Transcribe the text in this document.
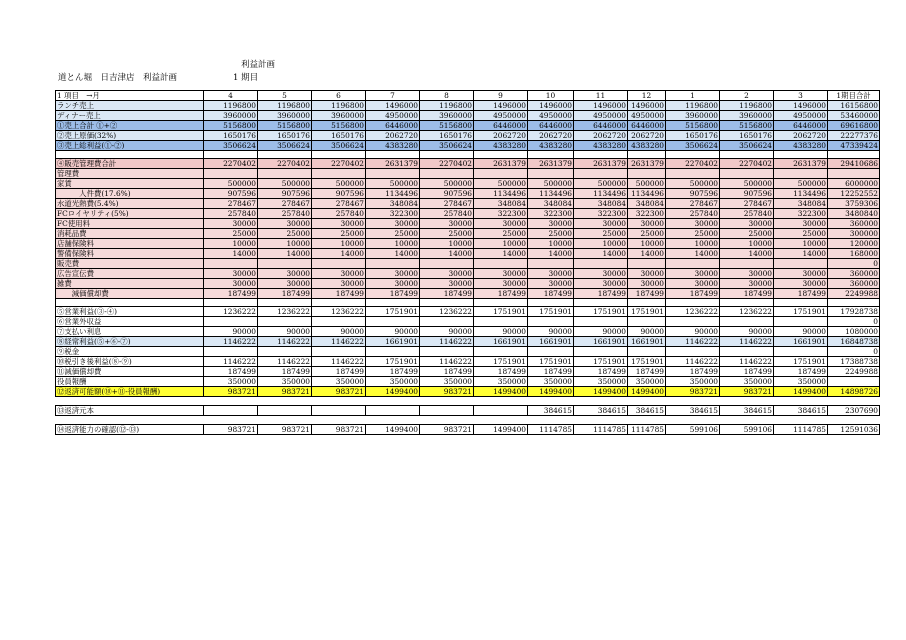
利益計画
道とん堀　日吉津店　利益計画	1 期目
1 項目　→月	4	5	6	7	8	9	10	11	12	1	2	3	1期目合計
ランチ売上	1196800	1196800	1196800	1496000	1196800	1496000	1496000	1496000	1496000	1196800	1196800	1496000	16156800
ディナー売上	3960000	3960000	3960000	4950000	3960000	4950000	4950000	4950000	4950000	3960000	3960000	4950000	53460000
①売上合計 ①+②	5156800	5156800	5156800	6446000	5156800	6446000	6446000	6446000	6446000	5156800	5156800	6446000	69616800
②売上原価(32%)	1650176	1650176	1650176	2062720	1650176	2062720	2062720	2062720	2062720	1650176	1650176	2062720	22277376
③売上総利益(①-②)	3506624	3506624	3506624	4383280	3506624	4383280	4383280	4383280	4383280	3506624	3506624	4383280	47339424

④販売管理費合計	2270402	2270402	2270402	2631379	2270402	2631379	2631379	2631379	2631379	2270402	2270402	2631379	29410686
管理費													
家賃	500000	500000	500000	500000	500000	500000	500000	500000	500000	500000	500000	500000	6000000
　　　人件費(17.6%)	907596	907596	907596	1134496	907596	1134496	1134496	1134496	1134496	907596	907596	1134496	12252552
水道光熱費(5.4%)	278467	278467	278467	348084	278467	348084	348084	348084	348084	278467	278467	348084	3759306
FCロイヤリティ(5%)	257840	257840	257840	322300	257840	322300	322300	322300	322300	257840	257840	322300	3480840
FC使用料	30000	30000	30000	30000	30000	30000	30000	30000	30000	30000	30000	30000	360000
消耗品費	25000	25000	25000	25000	25000	25000	25000	25000	25000	25000	25000	25000	300000
店舗保険料	10000	10000	10000	10000	10000	10000	10000	10000	10000	10000	10000	10000	120000
警備保険料	14000	14000	14000	14000	14000	14000	14000	14000	14000	14000	14000	14000	168000
販売費													0
広告宣伝費	30000	30000	30000	30000	30000	30000	30000	30000	30000	30000	30000	30000	360000
雑費	30000	30000	30000	30000	30000	30000	30000	30000	30000	30000	30000	30000	360000
　　減価償却費	187499	187499	187499	187499	187499	187499	187499	187499	187499	187499	187499	187499	2249988

⑤営業利益(③-④)	1236222	1236222	1236222	1751901	1236222	1751901	1751901	1751901	1751901	1236222	1236222	1751901	17928738
⑥営業外収益													0
⑦支払い利息	90000	90000	90000	90000	90000	90000	90000	90000	90000	90000	90000	90000	1080000
⑧経常利益(⑤+⑥-⑦)	1146222	1146222	1146222	1661901	1146222	1661901	1661901	1661901	1661901	1146222	1146222	1661901	16848738
⑨税金													0
⑩税引き後利益(⑧-⑨)	1146222	1146222	1146222	1751901	1146222	1751901	1751901	1751901	1751901	1146222	1146222	1751901	17388738
⑪減価償却費	187499	187499	187499	187499	187499	187499	187499	187499	187499	187499	187499	187499	2249988
役員報酬	350000	350000	350000	350000	350000	350000	350000	350000	350000	350000	350000	350000	
⑫返済可能額(⑩+⑪-役員報酬)	983721	983721	983721	1499400	983721	1499400	1499400	1499400	1499400	983721	983721	1499400	14898726

⑬返済元本							384615	384615	384615	384615	384615	384615	2307690

⑭返済能力の確認(⑫-⑬)	983721	983721	983721	1499400	983721	1499400	1114785	1114785	1114785	599106	599106	1114785	12591036
